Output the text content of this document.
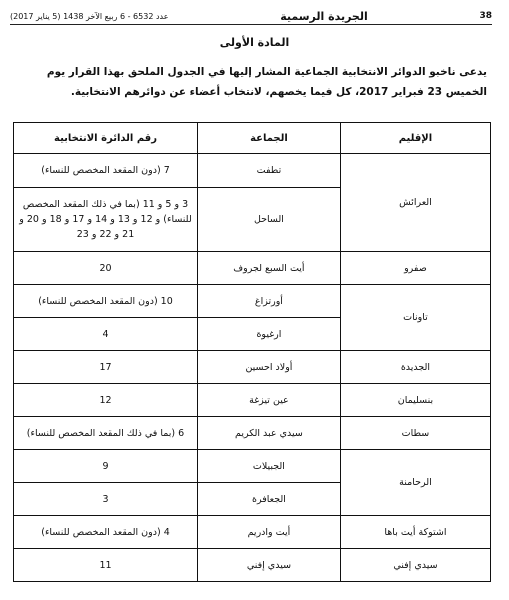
عدد 6532 - 6 ربيع الآخر 1438 (5 يناير 2017)	الجريدة الرسمية	38
المادة الأولى
يدعى ناخبو الدوائر الانتخابية الجماعية المشار إليها في الجدول الملحق بهذا القرار يوم الخميس 23 فبراير 2017، كل فيما يخصهم، لانتخاب أعضاء عن دوائرهم الانتخابية.
الإقليم	الجماعة	رقم الدائرة الانتخابية
العرائش	تطفت	7 (دون المقعد المخصص للنساء)
	الساحل	3 و 5 و 11 (بما في ذلك المقعد المخصص للنساء) و 12 و 13 و 14 و 17 و 18 و 20 و 21 و 22 و 23
صفرو	أيت السبع لجروف	20
تاونات	أورتزاغ	10 (دون المقعد المخصص للنساء)
	ارغيوة	4
الجديدة	أولاد احسين	17
بنسليمان	عين تيزغة	12
سطات	سيدي عبد الكريم	6 (بما في ذلك المقعد المخصص للنساء)
الرحامنة	الجبيلات	9
	الجعافرة	3
اشتوكة أيت باها	أيت وادريم	4 (دون المقعد المخصص للنساء)
سيدي إفني	سيدي إفني	11
